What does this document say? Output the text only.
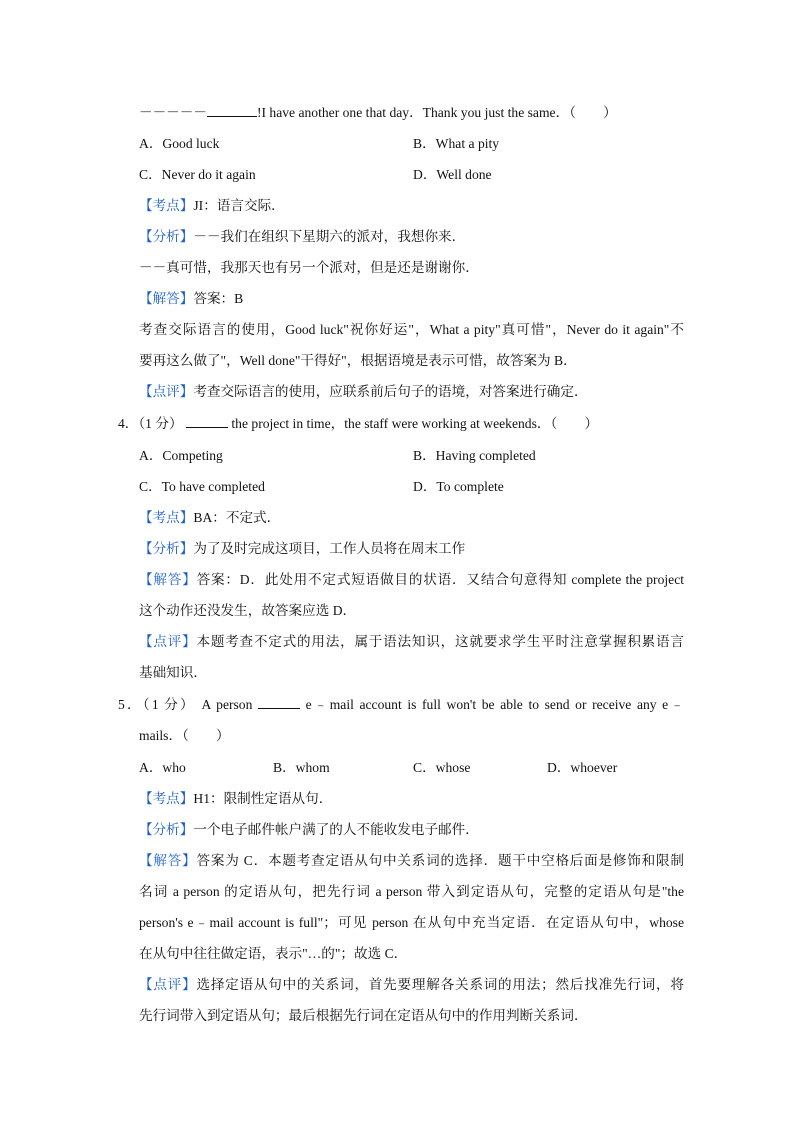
－－－－－	!I have another one that day．Thank you just the same．（　　）
A．Good luck	B．What a pity
C．Never do it again	D．Well done
【考点】JI：语言交际．
【分析】－－我们在组织下星期六的派对，我想你来．
－－真可惜，我那天也有另一个派对，但是还是谢谢你．
【解答】答案：B
考查交际语言的使用，Good luck"祝你好运"，What a pity"真可惜"，Never do it again"不
要再这么做了"，Well done"干得好"，根据语境是表示可惜，故答案为 B．
【点评】考查交际语言的使用，应联系前后句子的语境，对答案进行确定．
4．（1 分）	the project in time，the staff were working at weekends．（　　）
A．Competing	B．Having completed
C．To have completed	D．To complete
【考点】BA：不定式．
【分析】为了及时完成这项目，工作人员将在周末工作
【解答】答案：D．此处用不定式短语做目的状语．又结合句意得知 complete the project
这个动作还没发生，故答案应选 D．
【点评】本题考查不定式的用法，属于语法知识，这就要求学生平时注意掌握积累语言
基础知识．
5．（1 分） A person	e﹣mail account is full won't be able to send or receive any e﹣
mails．（　　）
A．who	B．whom	C．whose	D．whoever
【考点】H1：限制性定语从句．
【分析】一个电子邮件帐户满了的人不能收发电子邮件．
【解答】答案为 C．本题考查定语从句中关系词的选择．题干中空格后面是修饰和限制
名词 a person 的定语从句，把先行词 a person 带入到定语从句，完整的定语从句是"the
person's e﹣mail account is full"；可见 person 在从句中充当定语．在定语从句中，whose
在从句中往往做定语，表示"…的"；故选 C．
【点评】选择定语从句中的关系词，首先要理解各关系词的用法；然后找准先行词，将
先行词带入到定语从句；最后根据先行词在定语从句中的作用判断关系词．
